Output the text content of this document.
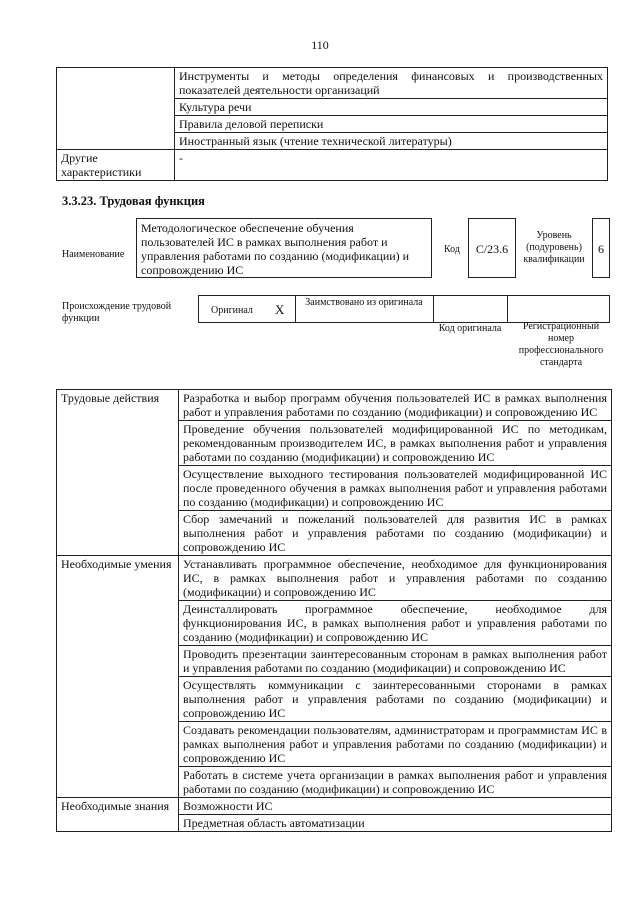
110
	Инструменты и методы определения финансовых и производственных показателей деятельности организаций
	Культура речи
	Правила деловой переписки
	Иностранный язык (чтение технической литературы)
Другие характеристики	-
3.3.23. Трудовая функция
Наименование
Методологическое обеспечение обучения пользователей ИС в рамках выполнения работ и управления работами по созданию (модификации) и сопровождению ИС
Код	C/23.6
Уровень (подуровень) квалификации
6
Происхождение трудовой функции
Оригинал X	Заимствовано из оригинала
Код оригинала	Регистрационный номер профессионального стандарта
Трудовые действия	Разработка и выбор программ обучения пользователей ИС в рамках выполнения работ и управления работами по созданию (модификации) и сопровождению ИС
	Проведение обучения пользователей модифицированной ИС по методикам, рекомендованным производителем ИС, в рамках выполнения работ и управления работами по созданию (модификации) и сопровождению ИС
	Осуществление выходного тестирования пользователей модифицированной ИС после проведенного обучения в рамках выполнения работ и управления работами по созданию (модификации) и сопровождению ИС
	Сбор замечаний и пожеланий пользователей для развития ИС в рамках выполнения работ и управления работами по созданию (модификации) и сопровождению ИС
Необходимые умения	Устанавливать программное обеспечение, необходимое для функционирования ИС, в рамках выполнения работ и управления работами по созданию (модификации) и сопровождению ИС
	Деинсталлировать программное обеспечение, необходимое для функционирования ИС, в рамках выполнения работ и управления работами по созданию (модификации) и сопровождению ИС
	Проводить презентации заинтересованным сторонам в рамках выполнения работ и управления работами по созданию (модификации) и сопровождению ИС
	Осуществлять коммуникации с заинтересованными сторонами в рамках выполнения работ и управления работами по созданию (модификации) и сопровождению ИС
	Создавать рекомендации пользователям, администраторам и программистам ИС в рамках выполнения работ и управления работами по созданию (модификации) и сопровождению ИС
	Работать в системе учета организации в рамках выполнения работ и управления работами по созданию (модификации) и сопровождению ИС
Необходимые знания	Возможности ИС
	Предметная область автоматизации
